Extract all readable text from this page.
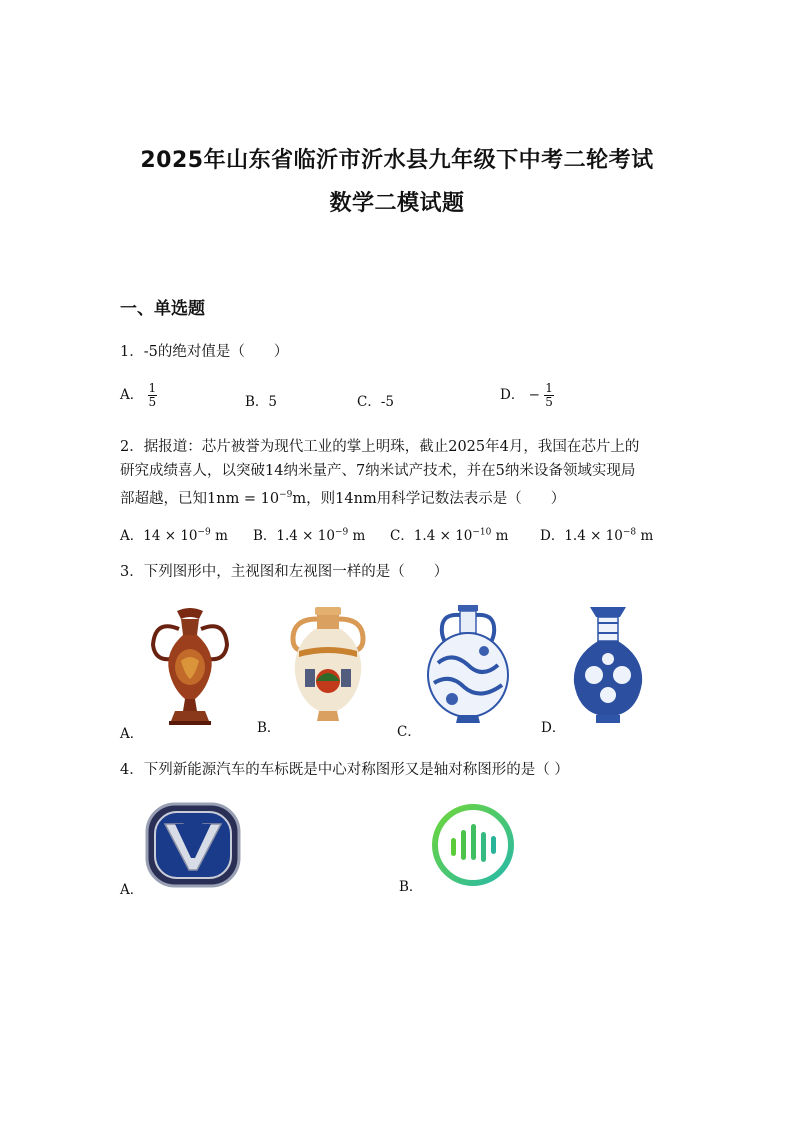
2025年山东省临沂市沂水县九年级下中考二轮考试
数学二模试题
一、单选题
1．-5的绝对值是（　　）
A． $\frac{1}{5}$	B．5	C．-5	D． − $\frac{1}{5}$
2．据报道：芯片被誉为现代工业的掌上明珠，截止2025年4月，我国在芯片上的
研究成绩喜人，以突破14纳米量产、7纳米试产技术，并在5纳米设备领域实现局
部超越，已知$1nm = 10^{-9}m$，则14nm用科学记数法表示是（　　）
A．$14 \times 10^{-9}$ m B．$1.4 \times 10^{-9}$ m C．$1.4 \times 10^{-10}$ m D．$1.4 \times 10^{-8}$ m
3．下列图形中，主视图和左视图一样的是（　　）
A．	B．	C．	D．
4．下列新能源汽车的车标既是中心对称图形又是轴对称图形的是（ ）
A．	B．
